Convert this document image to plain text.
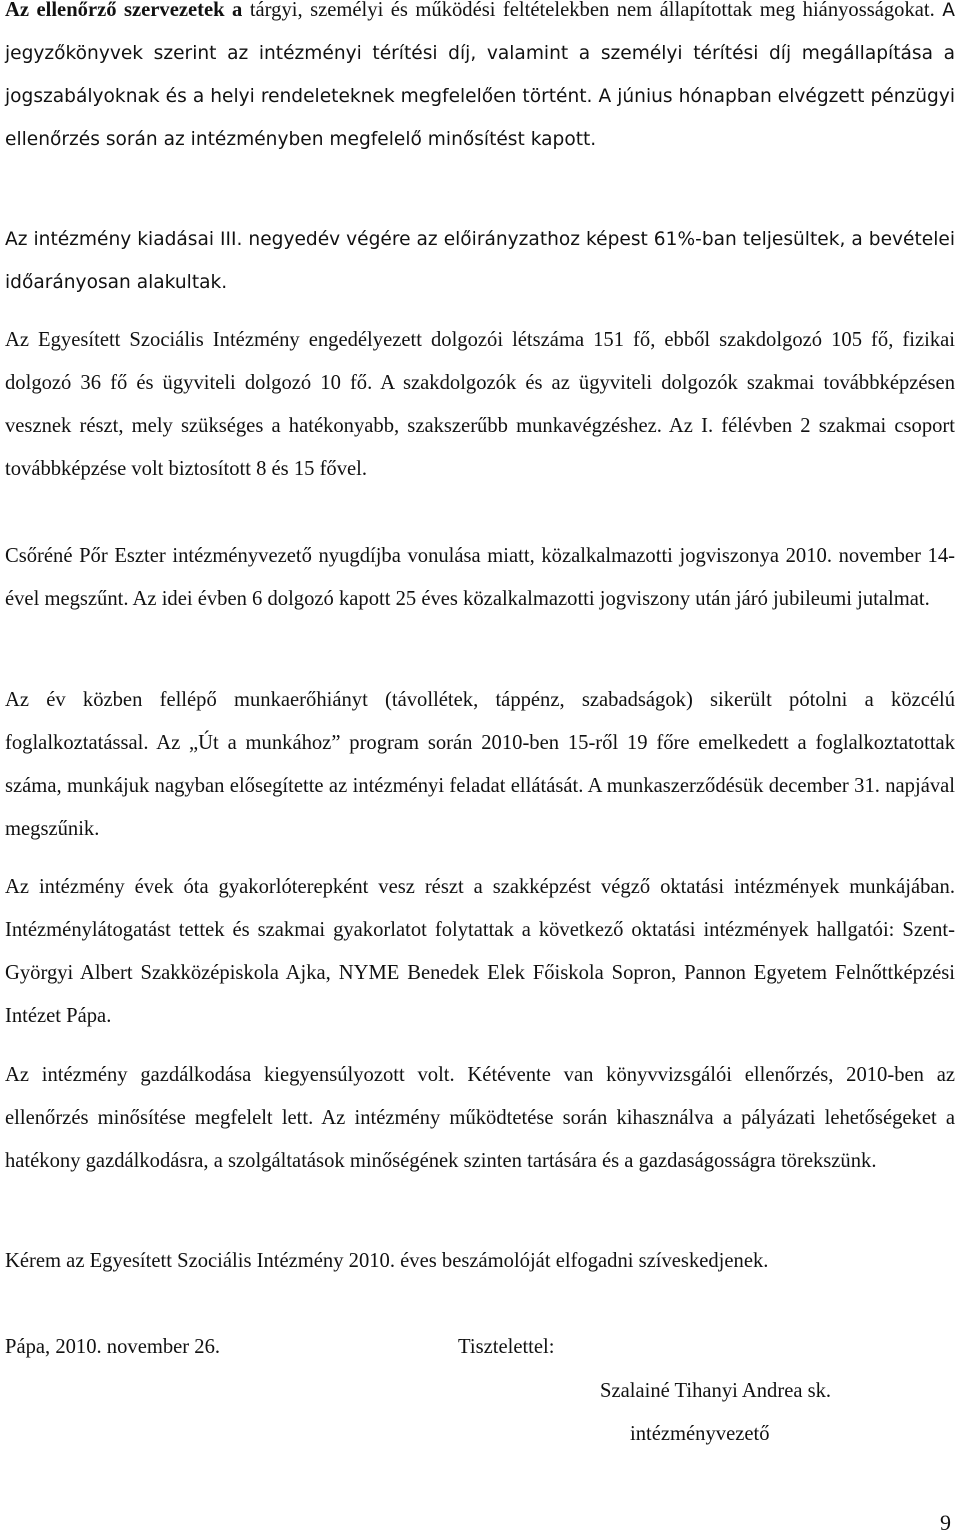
Az ellenőrző szervezetek a tárgyi, személyi és működési feltételekben nem állapítottak meg hiányosságokat. A jegyzőkönyvek szerint az intézményi térítési díj, valamint a személyi térítési díj megállapítása a jogszabályoknak és a helyi rendeleteknek megfelelően történt. A június hónapban elvégzett pénzügyi ellenőrzés során az intézményben megfelelő minősítést kapott.

Az intézmény kiadásai III. negyedév végére az előirányzathoz képest 61%-ban teljesültek, a bevételei időarányosan alakultak.

Az Egyesített Szociális Intézmény engedélyezett dolgozói létszáma 151 fő, ebből szakdolgozó 105 fő, fizikai dolgozó 36 fő és ügyviteli dolgozó 10 fő. A szakdolgozók és az ügyviteli dolgozók szakmai továbbképzésen vesznek részt, mely szükséges a hatékonyabb, szakszerűbb munkavégzéshez. Az I. félévben 2 szakmai csoport továbbképzése volt biztosított 8 és 15 fővel.

Csőréné Pőr Eszter intézményvezető nyugdíjba vonulása miatt, közalkalmazotti jogviszonya 2010. november 14-ével megszűnt. Az idei évben 6 dolgozó kapott 25 éves közalkalmazotti jogviszony után járó jubileumi jutalmat.

Az év közben fellépő munkaerőhiányt (távollétek, táppénz, szabadságok) sikerült pótolni a közcélú foglalkoztatással. Az „Út a munkához” program során 2010-ben 15-ről 19 főre emelkedett a foglalkoztatottak száma, munkájuk nagyban elősegítette az intézményi feladat ellátását. A munkaszerződésük december 31. napjával megszűnik.

Az intézmény évek óta gyakorlóterepként vesz részt a szakképzést végző oktatási intézmények munkájában. Intézménylátogatást tettek és szakmai gyakorlatot folytattak a következő oktatási intézmények hallgatói: Szent-Györgyi Albert Szakközépiskola Ajka, NYME Benedek Elek Főiskola Sopron, Pannon Egyetem Felnőttképzési Intézet Pápa.

Az intézmény gazdálkodása kiegyensúlyozott volt. Kétévente van könyvvizsgálói ellenőrzés, 2010-ben az ellenőrzés minősítése megfelelt lett. Az intézmény működtetése során kihasználva a pályázati lehetőségeket a hatékony gazdálkodásra, a szolgáltatások minőségének szinten tartására és a gazdaságosságra törekszünk.

Kérem az Egyesített Szociális Intézmény 2010. éves beszámolóját elfogadni szíveskedjenek.

Pápa, 2010. november 26.	Tisztelettel:
Szalainé Tihanyi Andrea sk.
intézményvezető
9
